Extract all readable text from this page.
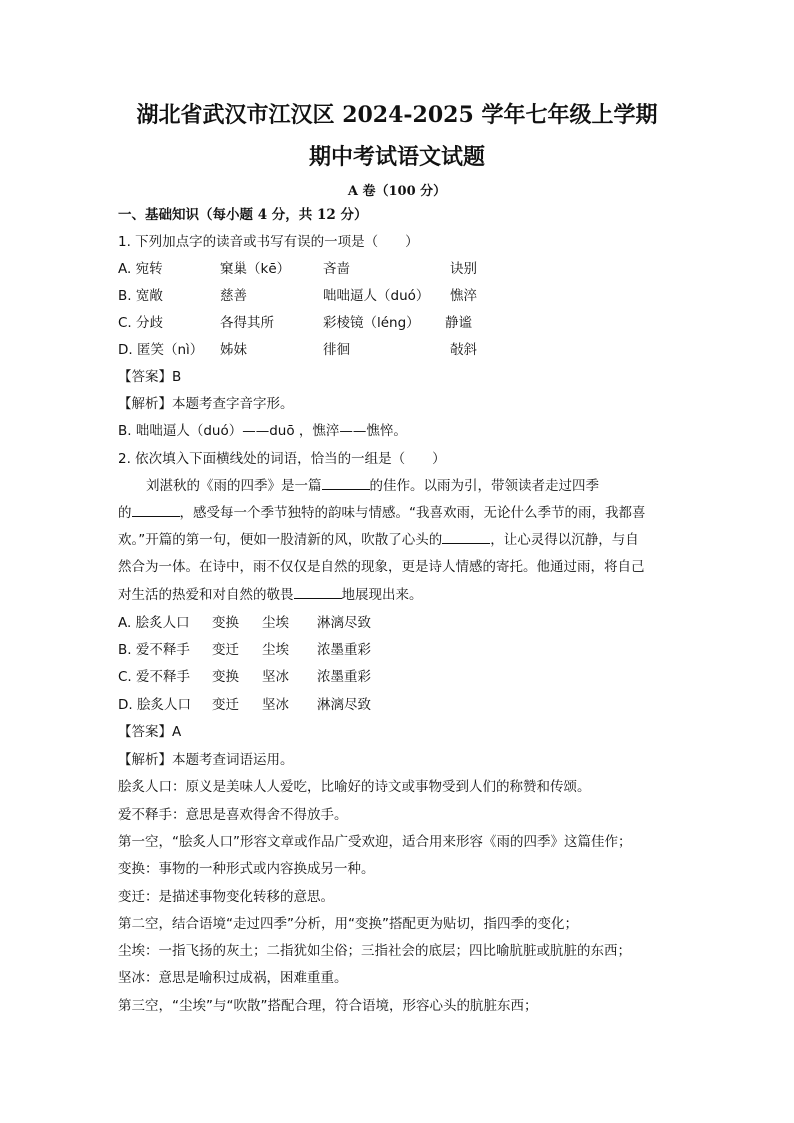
湖北省武汉市江汉区 2024-2025 学年七年级上学期
期中考试语文试题
A 卷（100 分）
一、基础知识（每小题 4 分，共 12 分）
1. 下列加点字的读音或书写有误的一项是（　　）
A. 宛转	窠巢（kē） 吝啬	诀别
B. 宽敞	慈善	咄咄逼人（duó） 憔淬
C. 分歧	各得其所	彩棱镜（léng） 静谧
D. 匿笑（nì） 姊妹	徘徊	敧斜
【答案】B
【解析】本题考查字音字形。
B. 咄咄逼人（duó）——duō ，憔淬——憔悴。
2. 依次填入下面横线处的词语，恰当的一组是（　　）
刘湛秋的《雨的四季》是一篇	的佳作。以雨为引，带领读者走过四季
的	，感受每一个季节独特的韵味与情感。“我喜欢雨，无论什么季节的雨，我都喜
欢。”开篇的第一句，便如一股清新的风，吹散了心头的	，让心灵得以沉静，与自
然合为一体。在诗中，雨不仅仅是自然的现象，更是诗人情感的寄托。他通过雨，将自己
对生活的热爱和对自然的敬畏	地展现出来。
A. 脍炙人口 变换 尘埃 淋漓尽致
B. 爱不释手 变迁 尘埃 浓墨重彩
C. 爱不释手 变换 坚冰 浓墨重彩
D. 脍炙人口 变迁 坚冰 淋漓尽致
【答案】A
【解析】本题考查词语运用。
脍炙人口：原义是美味人人爱吃，比喻好的诗文或事物受到人们的称赞和传颂。
爱不释手：意思是喜欢得舍不得放手。
第一空，“脍炙人口”形容文章或作品广受欢迎，适合用来形容《雨的四季》这篇佳作；
变换：事物的一种形式或内容换成另一种。
变迁：是描述事物变化转移的意思。
第二空，结合语境“走过四季”分析，用“变换”搭配更为贴切，指四季的变化；
尘埃：一指飞扬的灰土；二指犹如尘俗；三指社会的底层；四比喻肮脏或肮脏的东西；
坚冰：意思是喻积过成祸，困难重重。
第三空，“尘埃”与“吹散”搭配合理，符合语境，形容心头的肮脏东西；
